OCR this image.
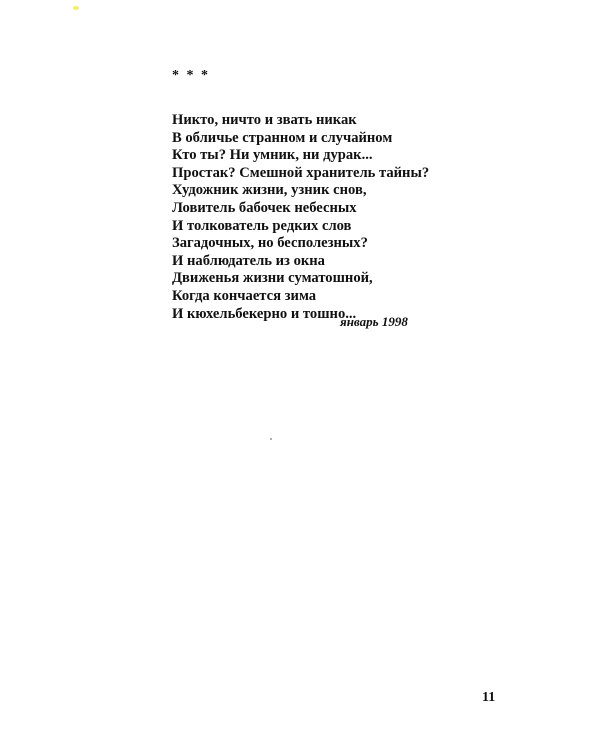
* * *
Никто, ничто и звать никак
В обличье странном и случайном
Кто ты? Ни умник, ни дурак...
Простак? Смешной хранитель тайны?
Художник жизни, узник снов,
Ловитель бабочек небесных
И толкователь редких слов
Загадочных, но бесполезных?
И наблюдатель из окна
Движенья жизни суматошной,
Когда кончается зима
И кюхельбекерно и тошно...
январь 1998
11
